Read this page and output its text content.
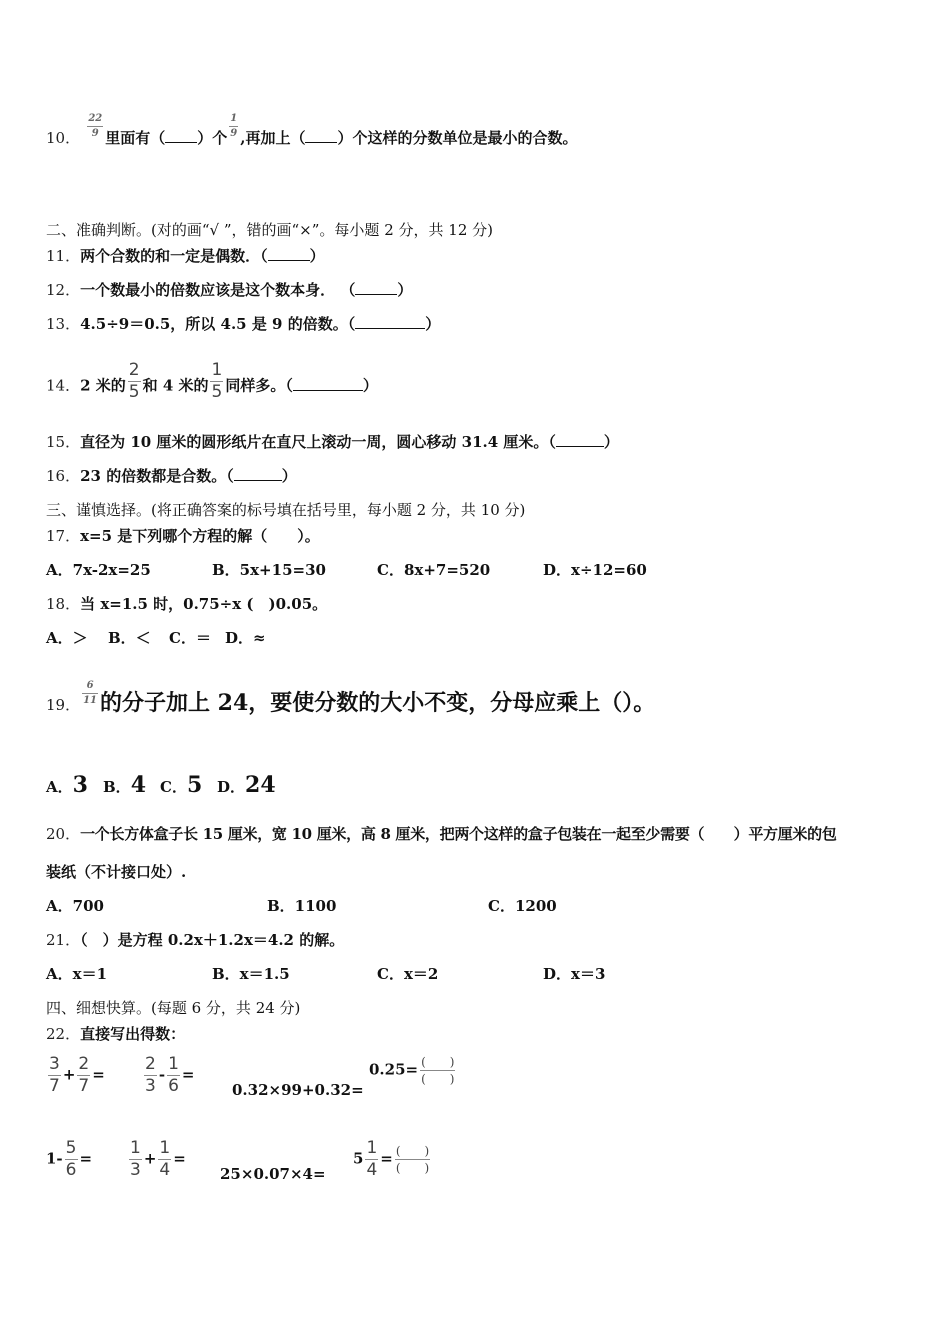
10． $\frac{22}{9}$ 里面有（ ）个 $\frac{1}{9}$ ,再加上（ ）个这样的分数单位是最小的合数。
二、准确判断。(对的画“√ ”，错的画“×”。每小题 2 分，共 12 分)
11．两个合数的和一定是偶数．（	）
12．一个数最小的倍数应该是这个数本身． （	）
13．4.5÷9＝0.5，所以 4.5 是 9 的倍数。（	）
14．2 米的 $\frac{2}{5}$ 和 4 米的 $\frac{1}{5}$ 同样多。（	）
15．直径为 10 厘米的圆形纸片在直尺上滚动一周，圆心移动 31.4 厘米。（	）
16．23 的倍数都是合数。（	）
三、谨慎选择。(将正确答案的标号填在括号里，每小题 2 分，共 10 分)
17．x=5 是下列哪个方程的解（　　）。
A．7x-2x=25	B．5x+15=30	C．8x+7=520	D．x÷12=60
18．当 x=1.5 时，0.75÷x (　)0.05。
A．＞ B．＜ C．＝ D．≈
19． $\frac{6}{11}$ 的分子加上 24，要使分数的大小不变，分母应乘上（）。
A．3 B．4 C．5 D．24
20．一个长方体盒子长 15 厘米，宽 10 厘米，高 8 厘米，把两个这样的盒子包装在一起至少需要（　　）平方厘米的包
装纸（不计接口处）.
A．700	B．1100	C．1200
21．（　）是方程 0.2x＋1.2x＝4.2 的解。
A．x＝1	B．x＝1.5	C．x＝2	D．x＝3
四、细想快算。(每题 6 分，共 24 分)
22．直接写出得数：
$\frac{3}{7} + \frac{2}{7} = \frac{2}{3} - \frac{1}{6}$ =
0.32×99+0.32=
$0.25= \frac{( )}{( )}$
$1- \frac{5}{6} = \frac{1}{3} + \frac{1}{4}$ =
25×0.07×4=
$5 \frac{1}{4} = \frac{( )}{( )}$
